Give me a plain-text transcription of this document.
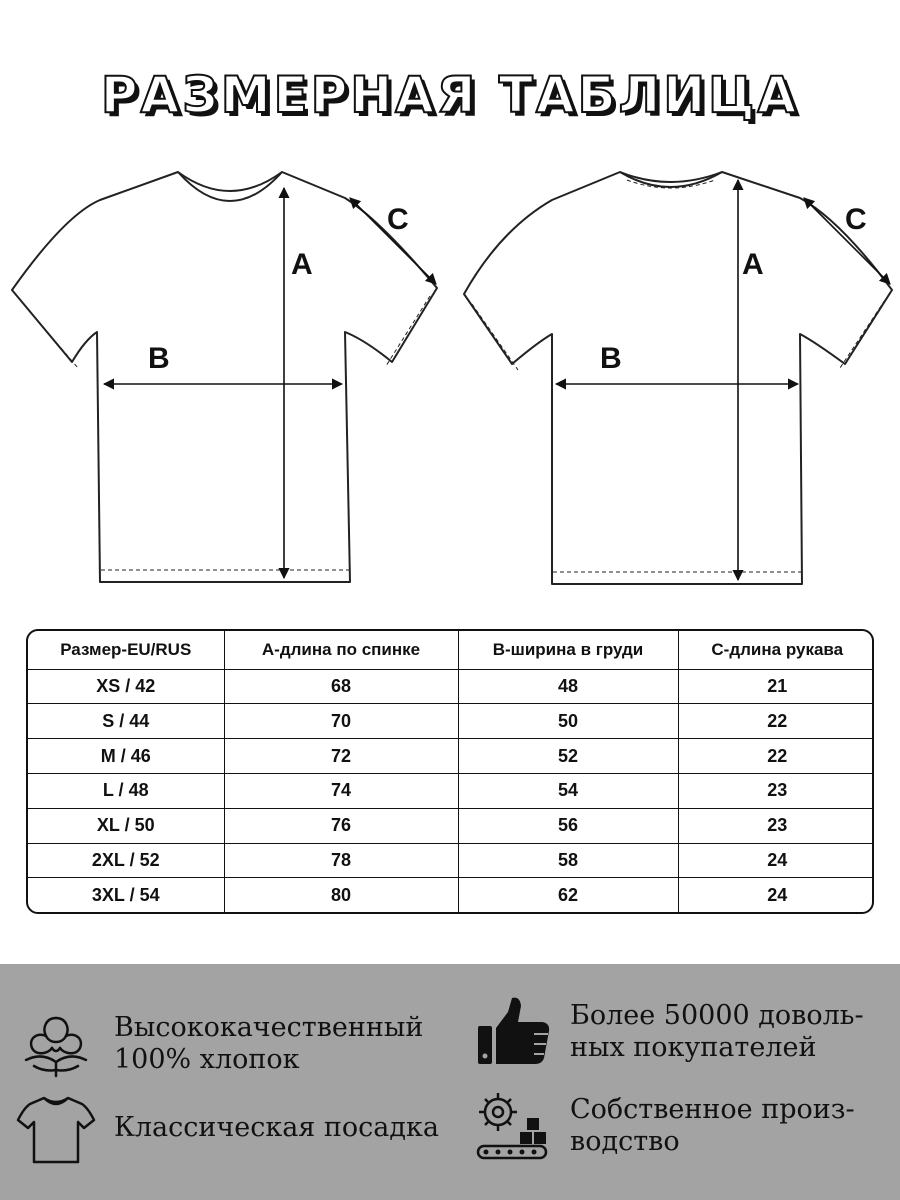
РАЗМЕРНАЯ ТАБЛИЦА
A
B
C
A
B
C
Размер-EU/RUS	А-длина по спинке	В-ширина в груди	С-длина рукава
XS / 42	68	48	21
S / 44	70	50	22
M / 46	72	52	22
L / 48	74	54	23
XL / 50	76	56	23
2XL / 52	78	58	24
3XL / 54	80	62	24
Высококачественный
100% хлопок
Более 50000 доволь-
ных покупателей
Классическая посадка
Собственное произ-
водство
